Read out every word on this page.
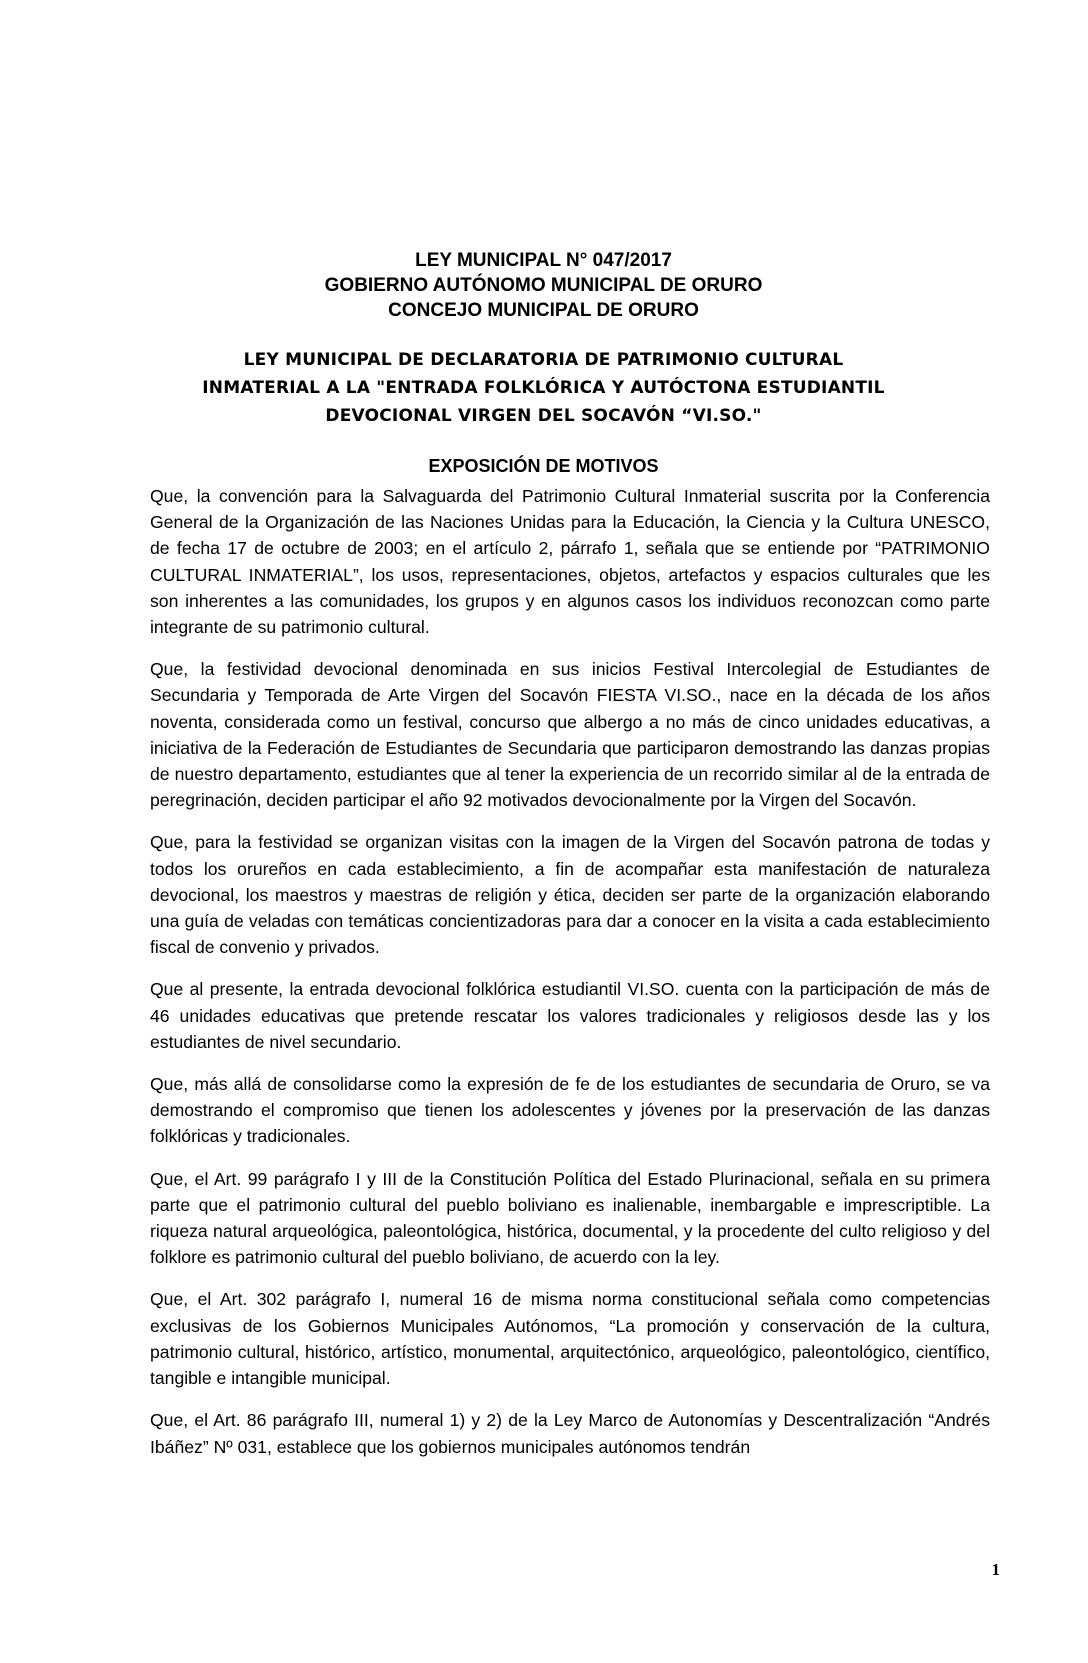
LEY MUNICIPAL N° 047/2017
GOBIERNO AUTÓNOMO MUNICIPAL DE ORURO
CONCEJO MUNICIPAL DE ORURO
LEY MUNICIPAL DE DECLARATORIA DE PATRIMONIO CULTURAL
INMATERIAL A LA "ENTRADA FOLKLÓRICA Y AUTÓCTONA ESTUDIANTIL
DEVOCIONAL VIRGEN DEL SOCAVÓN “VI.SO."
EXPOSICIÓN DE MOTIVOS

Que, la convención para la Salvaguarda del Patrimonio Cultural Inmaterial suscrita por la Conferencia General de la Organización de las Naciones Unidas para la Educación, la Ciencia y la Cultura UNESCO, de fecha 17 de octubre de 2003; en el artículo 2, párrafo 1, señala que se entiende por “PATRIMONIO CULTURAL INMATERIAL”, los usos, representaciones, objetos, artefactos y espacios culturales que les son inherentes a las comunidades, los grupos y en algunos casos los individuos reconozcan como parte integrante de su patrimonio cultural.

Que, la festividad devocional denominada en sus inicios Festival Intercolegial de Estudiantes de Secundaria y Temporada de Arte Virgen del Socavón FIESTA VI.SO., nace en la década de los años noventa, considerada como un festival, concurso que albergo a no más de cinco unidades educativas, a iniciativa de la Federación de Estudiantes de Secundaria que participaron demostrando las danzas propias de nuestro departamento, estudiantes que al tener la experiencia de un recorrido similar al de la entrada de peregrinación, deciden participar el año 92 motivados devocionalmente por la Virgen del Socavón.

Que, para la festividad se organizan visitas con la imagen de la Virgen del Socavón patrona de todas y todos los orureños en cada establecimiento, a fin de acompañar esta manifestación de naturaleza devocional, los maestros y maestras de religión y ética, deciden ser parte de la organización elaborando una guía de veladas con temáticas concientizadoras para dar a conocer en la visita a cada establecimiento fiscal de convenio y privados.

Que al presente, la entrada devocional folklórica estudiantil VI.SO. cuenta con la participación de más de 46 unidades educativas que pretende rescatar los valores tradicionales y religiosos desde las y los estudiantes de nivel secundario.

Que, más allá de consolidarse como la expresión de fe de los estudiantes de secundaria de Oruro, se va demostrando el compromiso que tienen los adolescentes y jóvenes por la preservación de las danzas folklóricas y tradicionales.

Que, el Art. 99 parágrafo I y III de la Constitución Política del Estado Plurinacional, señala en su primera parte que el patrimonio cultural del pueblo boliviano es inalienable, inembargable e imprescriptible. La riqueza natural arqueológica, paleontológica, histórica, documental, y la procedente del culto religioso y del folklore es patrimonio cultural del pueblo boliviano, de acuerdo con la ley.

Que, el Art. 302 parágrafo I, numeral 16 de misma norma constitucional señala como competencias exclusivas de los Gobiernos Municipales Autónomos, “La promoción y conservación de la cultura, patrimonio cultural, histórico, artístico, monumental, arquitectónico, arqueológico, paleontológico, científico, tangible e intangible municipal.

Que, el Art. 86 parágrafo III, numeral 1) y 2) de la Ley Marco de Autonomías y Descentralización “Andrés Ibáñez” Nº 031, establece que los gobiernos municipales autónomos tendrán

1
